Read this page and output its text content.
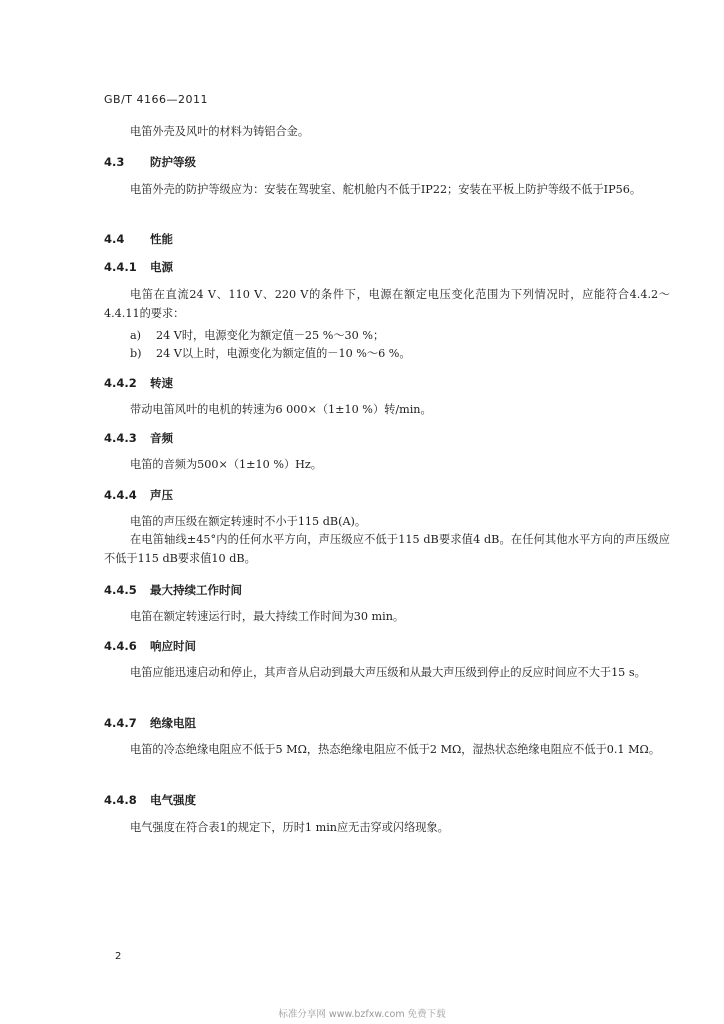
GB/T 4166—2011
电笛外壳及风叶的材料为铸铝合金。
4.3 防护等级
电笛外壳的防护等级应为：安装在驾驶室、舵机舱内不低于IP22；安装在平板上防护等级不低于IP56。
4.4 性能
4.4.1 电源
电笛在直流24 V、110 V、220 V的条件下，电源在额定电压变化范围为下列情况时，应能符合4.4.2～4.4.11的要求：
a) 24 V时，电源变化为额定值－25 %～30 %；
b) 24 V以上时，电源变化为额定值的－10 %～6 %。
4.4.2 转速
带动电笛风叶的电机的转速为6 000×（1±10 %）转/min。
4.4.3 音频
电笛的音频为500×（1±10 %）Hz。
4.4.4 声压
电笛的声压级在额定转速时不小于115 dB(A)。
在电笛轴线±45°内的任何水平方向，声压级应不低于115 dB要求值4 dB。在任何其他水平方向的声压级应不低于115 dB要求值10 dB。
4.4.5 最大持续工作时间
电笛在额定转速运行时，最大持续工作时间为30 min。
4.4.6 响应时间
电笛应能迅速启动和停止，其声音从启动到最大声压级和从最大声压级到停止的反应时间应不大于15 s。
4.4.7 绝缘电阻
电笛的冷态绝缘电阻应不低于5 MΩ，热态绝缘电阻应不低于2 MΩ，湿热状态绝缘电阻应不低于0.1 MΩ。
4.4.8 电气强度
电气强度在符合表1的规定下，历时1 min应无击穿或闪络现象。
2
标准分享网 www.bzfxw.com 免费下载
